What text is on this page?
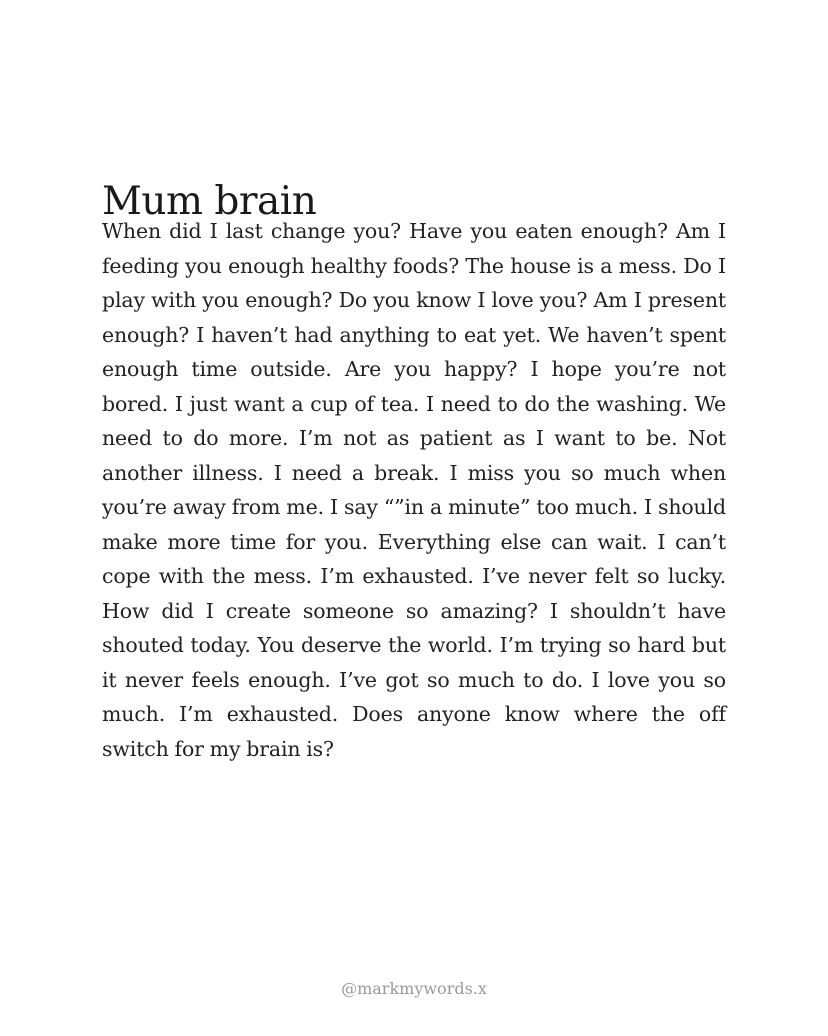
Mum brain

When did I last change you? Have you eaten enough? Am I feeding you enough healthy foods? The house is a mess. Do I play with you enough? Do you know I love you? Am I present enough? I haven’t had anything to eat yet. We haven’t spent enough time outside. Are you happy? I hope you’re not bored. I just want a cup of tea. I need to do the washing. We need to do more. I’m not as patient as I want to be. Not another illness. I need a break. I miss you so much when you’re away from me. I say “”in a minute” too much. I should make more time for you. Everything else can wait. I can’t cope with the mess. I’m exhausted. I’ve never felt so lucky. How did I create someone so amazing? I shouldn’t have shouted today. You deserve the world. I’m trying so hard but it never feels enough. I’ve got so much to do. I love you so much. I’m exhausted. Does anyone know where the off switch for my brain is?

@markmywords.x
